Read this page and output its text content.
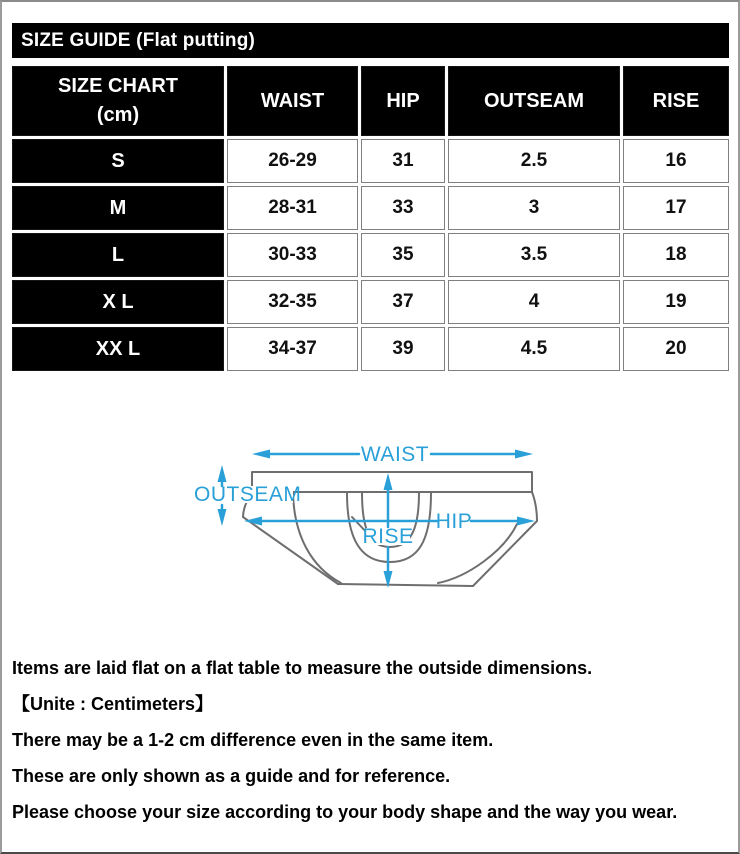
SIZE GUIDE (Flat putting)
SIZE CHART
(cm)	WAIST	HIP	OUTSEAM	RISE
S	26-29	31	2.5	16
M	28-31	33	3	17
L	30-33	35	3.5	18
X L	32-35	37	4	19
XX L	34-37	39	4.5	20
WAIST
OUTSEAM
HIP
RISE
Items are laid flat on a flat table to measure the outside dimensions.
【Unite : Centimeters】
There may be a 1-2 cm difference even in the same item.
These are only shown as a guide and for reference.
Please choose your size according to your body shape and the way you wear.
